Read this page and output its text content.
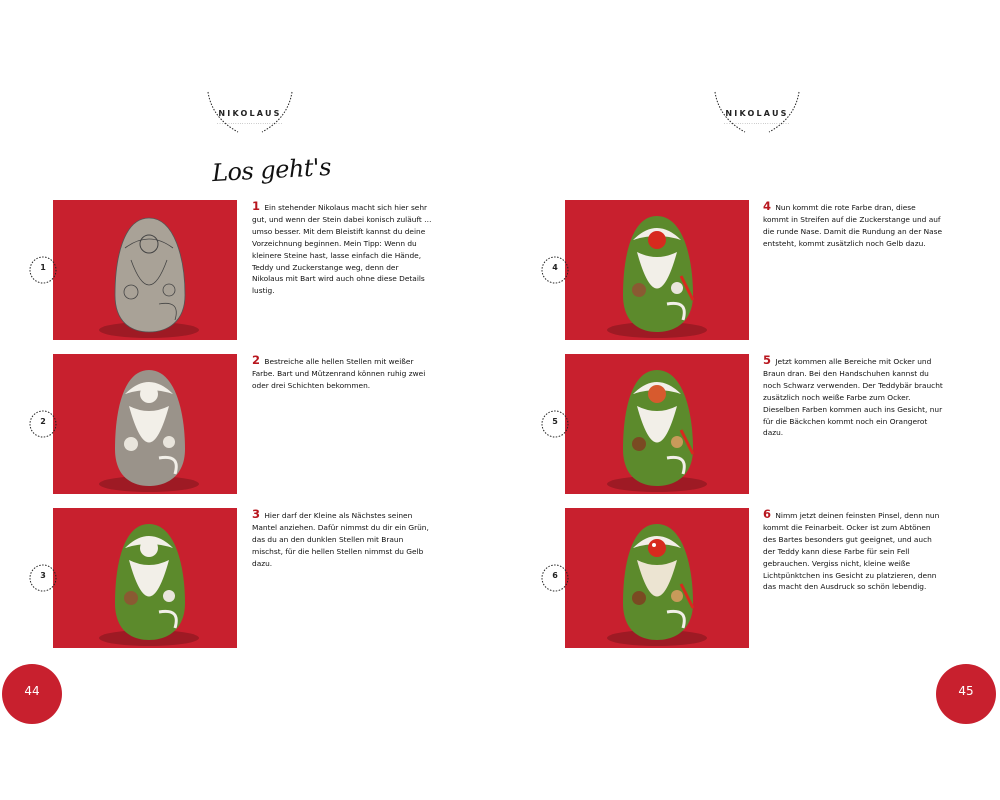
NIKOLAUS
·····························
NIKOLAUS
·····························
Los geht's
1
1 Ein stehender Nikolaus macht sich hier sehr gut, und wenn der Stein dabei konisch zuläuft … umso besser. Mit dem Bleistift kannst du deine Vorzeichnung beginnen. Mein Tipp: Wenn du kleinere Steine hast, lasse einfach die Hände, Teddy und Zuckerstange weg, denn der Nikolaus mit Bart wird auch ohne diese Details lustig.
2
2 Bestreiche alle hellen Stellen mit weißer Farbe. Bart und Mützenrand können ruhig zwei oder drei Schichten bekommen.
3
3 Hier darf der Kleine als Nächstes seinen Mantel anziehen. Dafür nimmst du dir ein Grün, das du an den dunklen Stellen mit Braun mischst, für die hellen Stellen nimmst du Gelb dazu.
4
4 Nun kommt die rote Farbe dran, diese kommt in Streifen auf die Zuckerstange und auf die runde Nase. Damit die Rundung an der Nase entsteht, kommt zusätzlich noch Gelb dazu.
5
5 Jetzt kommen alle Bereiche mit Ocker und Braun dran. Bei den Handschuhen kannst du noch Schwarz verwenden. Der Teddybär braucht zusätzlich noch weiße Farbe zum Ocker. Dieselben Farben kommen auch ins Gesicht, nur für die Bäckchen kommt noch ein Orangerot dazu.
6
6 Nimm jetzt deinen feinsten Pinsel, denn nun kommt die Feinarbeit. Ocker ist zum Abtönen des Bartes besonders gut geeignet, und auch der Teddy kann diese Farbe für sein Fell gebrauchen. Vergiss nicht, kleine weiße Lichtpünktchen ins Gesicht zu platzieren, denn das macht den Ausdruck so schön lebendig.
44	45
